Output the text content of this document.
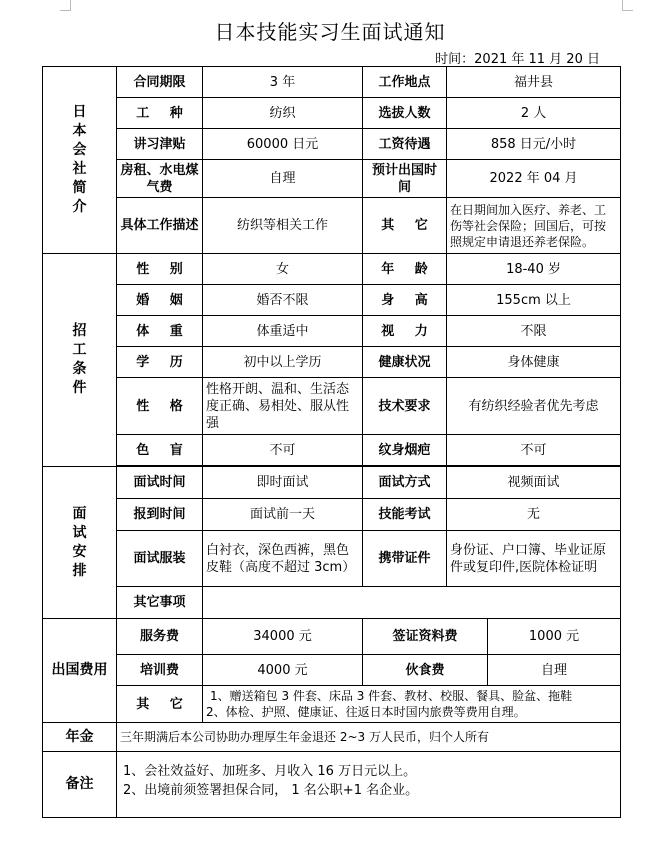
日本技能实习生面试通知
时间：2021 年 11 月 20 日
日本会社简介	合同期限	3 年	工作地点	福井县	
	工 种	纺织	选拔人数	2 人	
	讲习津贴	60000 日元	工资待遇	858 日元/小时	
	房租、水电煤气费	自理	预计出国时间	2022 年 04 月	
	具体工作描述	纺织等相关工作	其 它	在日期间加入医疗、养老、工伤等社会保险；回国后，可按照规定申请退还养老保险。	
招工条件	性 别	女	年 龄	18-40 岁	
	婚 姻	婚否不限	身 高	155cm 以上	
	体 重	体重适中	视 力	不限	
	学 历	初中以上学历	健康状况	身体健康	
	性 格	性格开朗、温和、生活态度正确、易相处、服从性强	技术要求	有纺织经验者优先考虑	
	色 盲	不可	纹身烟疤	不可	

面试安排	面试时间	即时面试	面试方式	视频面试	
	报到时间	面试前一天	技能考试	无	
	面试服装	白衬衣，深色西裤，黑色皮鞋（高度不超过 3cm）	携带证件	身份证、户口簿、毕业证原件或复印件,医院体检证明	
	其它事项				
出国费用	服务费	34000 元	签证资料费		1000 元
	培训费	4000 元	伙食费		自理
	其 它	1、赠送箱包 3 件套、床品 3 件套、教材、校服、餐具、脸盆、拖鞋
2、体检、护照、健康证、往返日本时国内旅费等费用自理。			

年金	三年期满后本公司协助办理厚生年金退还 2~3 万人民币，归个人所有				
备注	1、会社效益好、加班多、月收入 16 万日元以上。
2、出境前须签署担保合同， 1 名公职+1 名企业。				
